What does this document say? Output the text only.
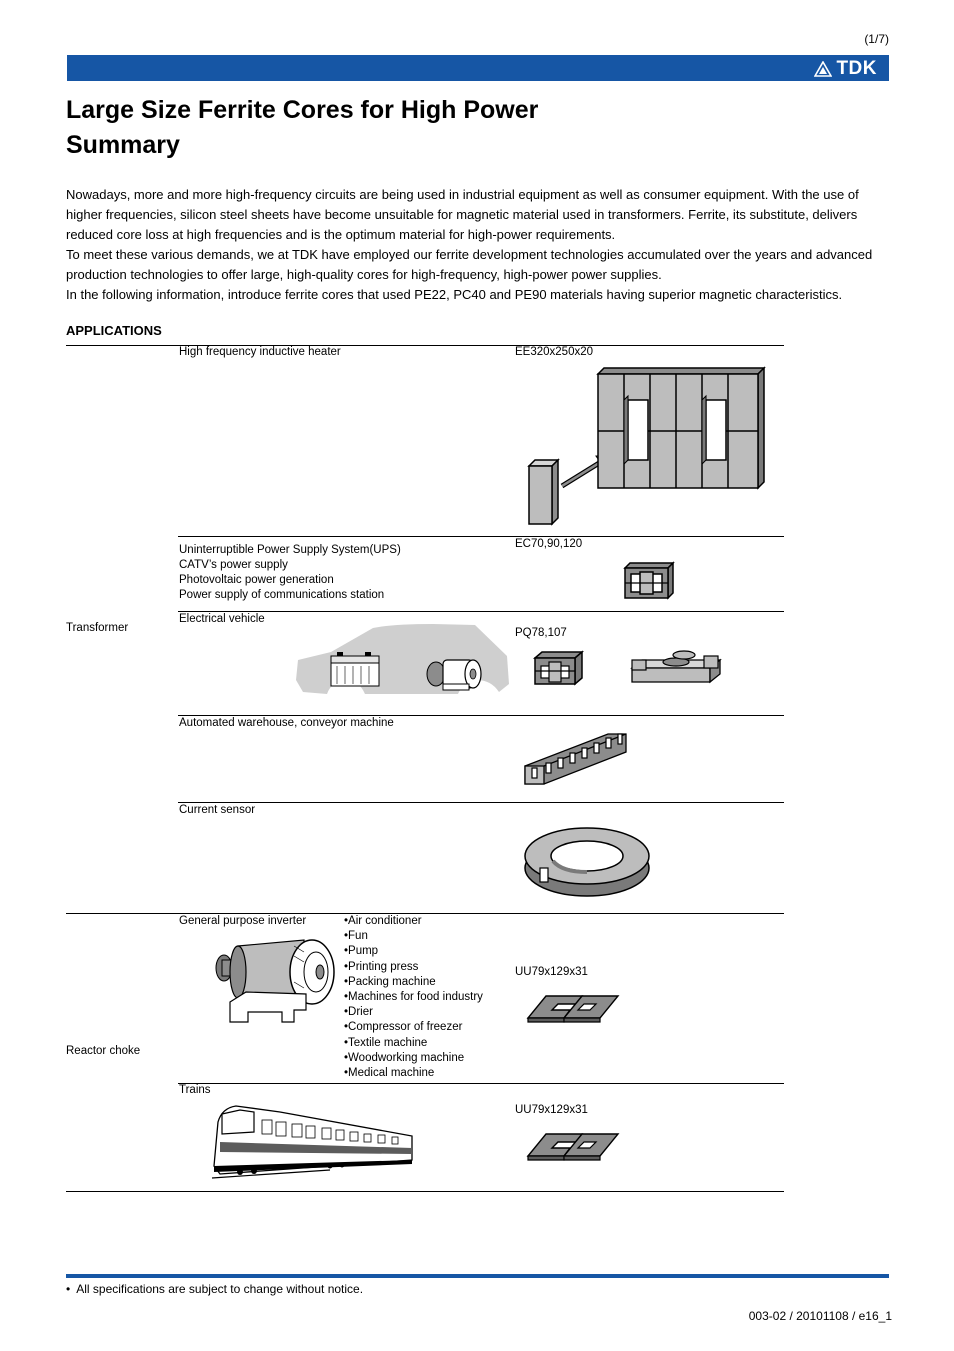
(1/7)
TDK
Large Size Ferrite Cores for High Power
Summary

Nowadays, more and more high-frequency circuits are being used in industrial equipment as well as consumer equipment. With the use of higher frequencies, silicon steel sheets have become unsuitable for magnetic material used in transformers. Ferrite, its substitute, delivers reduced core loss at high frequencies and is the optimum material for high-power requirements.

To meet these various demands, we at TDK have employed our ferrite development technologies accumulated over the years and advanced production technologies to offer large, high-quality cores for high-frequency, high-power power supplies.

In the following information, introduce ferrite cores that used PE22, PC40 and PE90 materials having superior magnetic characteristics.

APPLICATIONS
Transformer
Reactor choke
High frequency inductive heater	EE320x250x20
Uninterruptible Power Supply System(UPS)
CATV’s power supply
Photovoltaic power generation
Power supply of communications station
EC70,90,120
Electrical vehicle
PQ78,107
Automated warehouse, conveyor machine
Current sensor
General purpose inverter
•	Air conditioner
• Fun
• Pump
• Printing press
• Packing machine
• Machines for food industry
• Drier
• Compressor of freezer
• Textile machine
• Woodworking machine
• Medical machine
UU79x129x31
Trains
UU79x129x31
•  All specifications are subject to change without notice.
003-02 / 20101108 / e16_1
